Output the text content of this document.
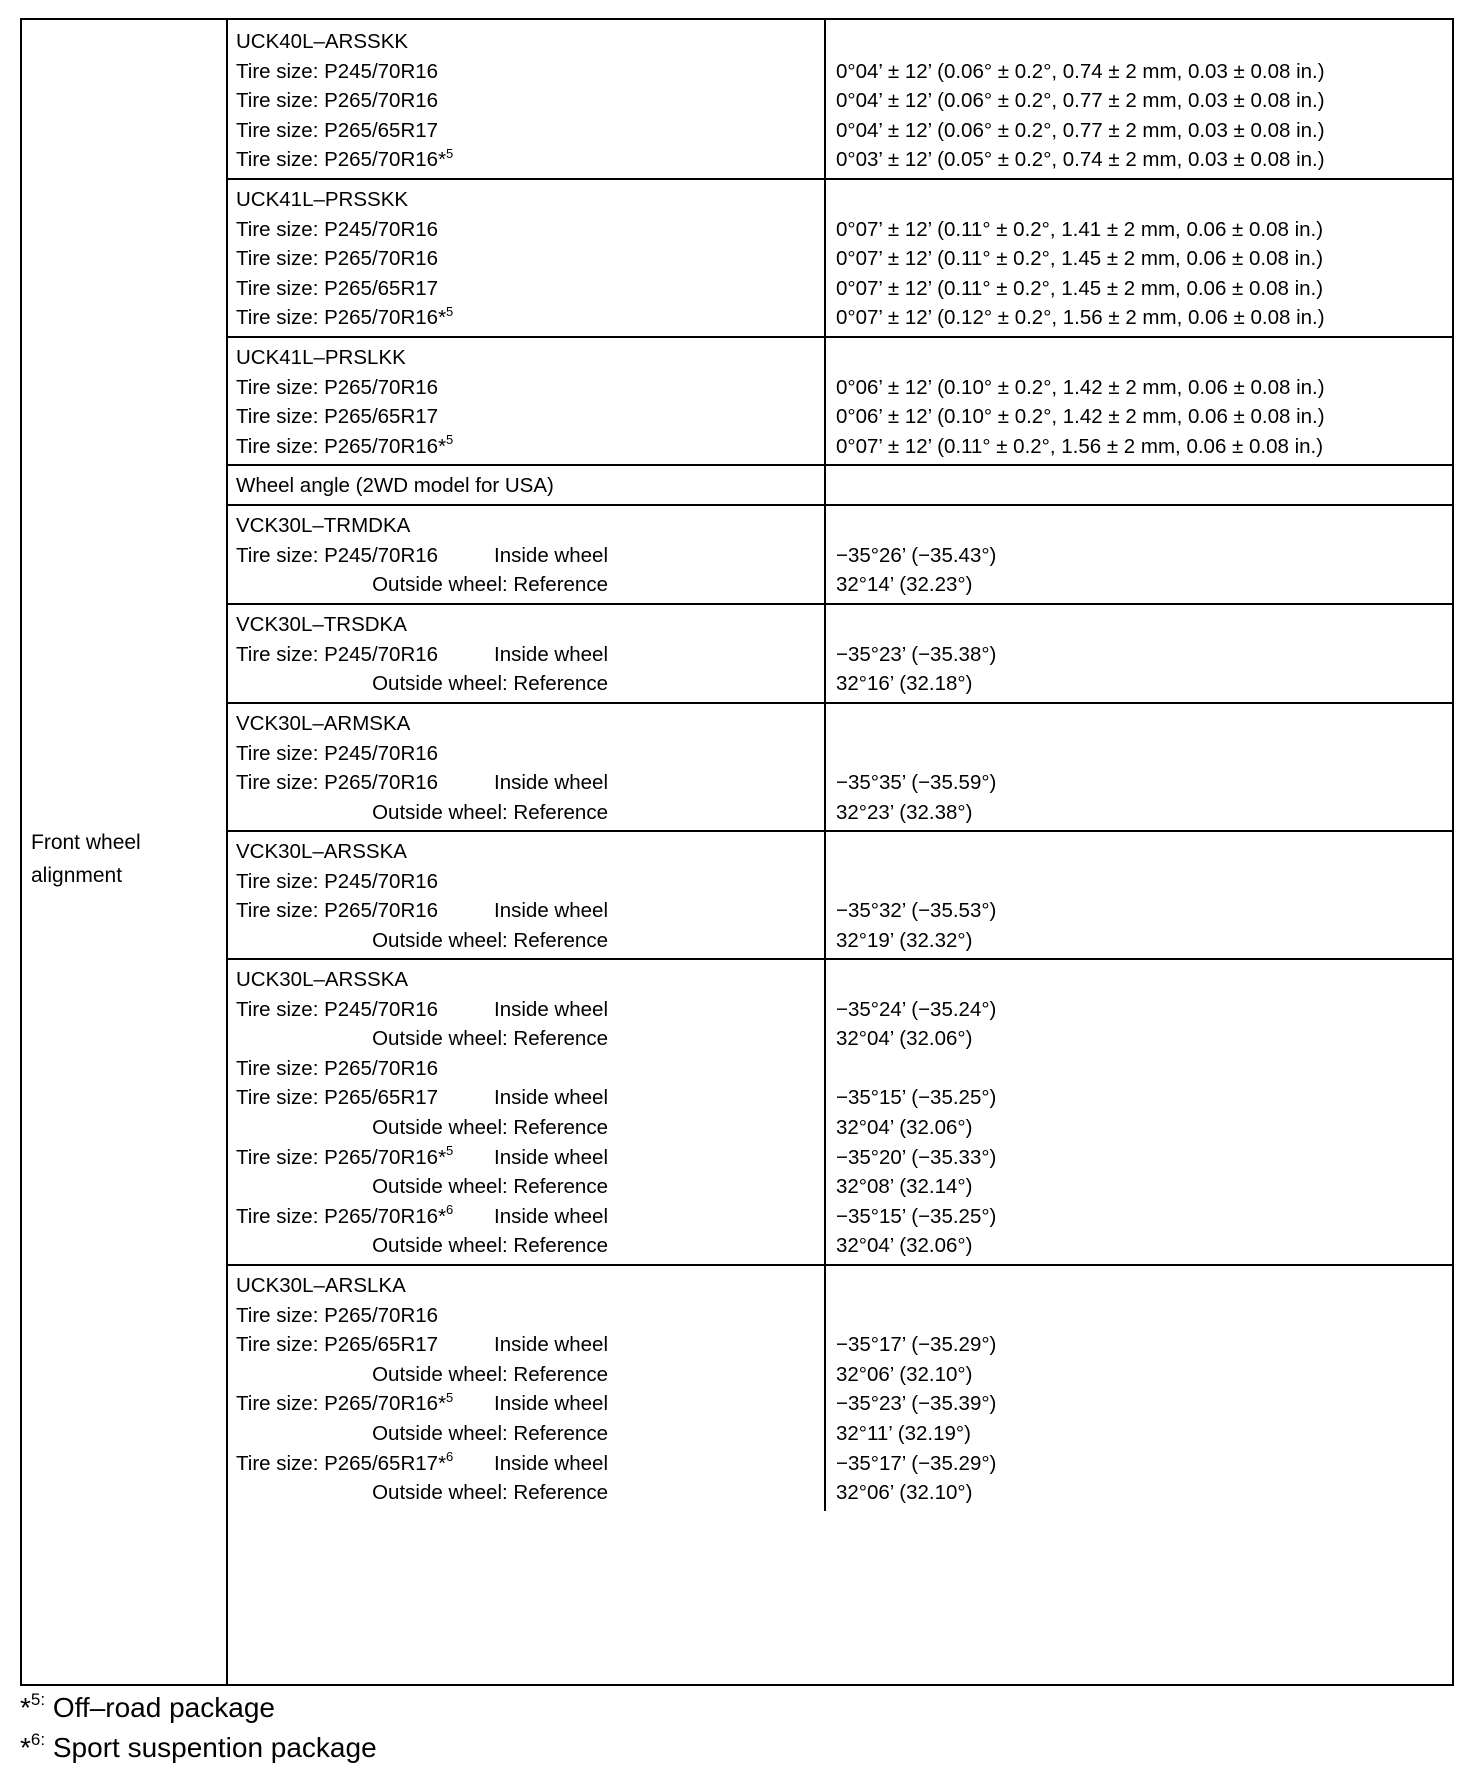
Front wheel
alignment

UCK40L–ARSSKK
Tire size: P245/70R16	0°04’ ± 12’ (0.06° ± 0.2°, 0.74 ± 2 mm, 0.03 ± 0.08 in.)
Tire size: P265/70R16	0°04’ ± 12’ (0.06° ± 0.2°, 0.77 ± 2 mm, 0.03 ± 0.08 in.)
Tire size: P265/65R17	0°04’ ± 12’ (0.06° ± 0.2°, 0.77 ± 2 mm, 0.03 ± 0.08 in.)
Tire size: P265/70R16*$^5$	0°03’ ± 12’ (0.05° ± 0.2°, 0.74 ± 2 mm, 0.03 ± 0.08 in.)
UCK41L–PRSSKK
Tire size: P245/70R16	0°07’ ± 12’ (0.11° ± 0.2°, 1.41 ± 2 mm, 0.06 ± 0.08 in.)
Tire size: P265/70R16	0°07’ ± 12’ (0.11° ± 0.2°, 1.45 ± 2 mm, 0.06 ± 0.08 in.)
Tire size: P265/65R17	0°07’ ± 12’ (0.11° ± 0.2°, 1.45 ± 2 mm, 0.06 ± 0.08 in.)
Tire size: P265/70R16*$^5$	0°07’ ± 12’ (0.12° ± 0.2°, 1.56 ± 2 mm, 0.06 ± 0.08 in.)
UCK41L–PRSLKK
Tire size: P265/70R16	0°06’ ± 12’ (0.10° ± 0.2°, 1.42 ± 2 mm, 0.06 ± 0.08 in.)
Tire size: P265/65R17	0°06’ ± 12’ (0.10° ± 0.2°, 1.42 ± 2 mm, 0.06 ± 0.08 in.)
Tire size: P265/70R16*$^5$	0°07’ ± 12’ (0.11° ± 0.2°, 1.56 ± 2 mm, 0.06 ± 0.08 in.)
Wheel angle (2WD model for USA)
VCK30L–TRMDKA
Tire size: P245/70R16	Inside wheel	−35°26’ (−35.43°)
Outside wheel: Reference	32°14’ (32.23°)
VCK30L–TRSDKA
Tire size: P245/70R16	Inside wheel	−35°23’ (−35.38°)
Outside wheel: Reference	32°16’ (32.18°)
VCK30L–ARMSKA
Tire size: P245/70R16
Tire size: P265/70R16	Inside wheel	−35°35’ (−35.59°)
Outside wheel: Reference	32°23’ (32.38°)
VCK30L–ARSSKA
Tire size: P245/70R16
Tire size: P265/70R16	Inside wheel	−35°32’ (−35.53°)
Outside wheel: Reference	32°19’ (32.32°)
UCK30L–ARSSKA
Tire size: P245/70R16	Inside wheel	−35°24’ (−35.24°)
Outside wheel: Reference	32°04’ (32.06°)
Tire size: P265/70R16
Tire size: P265/65R17	Inside wheel	−35°15’ (−35.25°)
Outside wheel: Reference	32°04’ (32.06°)
Tire size: P265/70R16*$^5$ Inside wheel	−35°20’ (−35.33°)
Outside wheel: Reference	32°08’ (32.14°)
Tire size: P265/70R16*$^6$ Inside wheel	−35°15’ (−35.25°)
Outside wheel: Reference	32°04’ (32.06°)
UCK30L–ARSLKA
Tire size: P265/70R16
Tire size: P265/65R17	Inside wheel	−35°17’ (−35.29°)
Outside wheel: Reference	32°06’ (32.10°)
Tire size: P265/70R16*$^5$ Inside wheel	−35°23’ (−35.39°)
Outside wheel: Reference	32°11’ (32.19°)
Tire size: P265/65R17*$^6$ Inside wheel	−35°17’ (−35.29°)
Outside wheel: Reference	32°06’ (32.10°)
*$^{5:}$ Off–road package
*$^{6:}$ Sport suspention package
